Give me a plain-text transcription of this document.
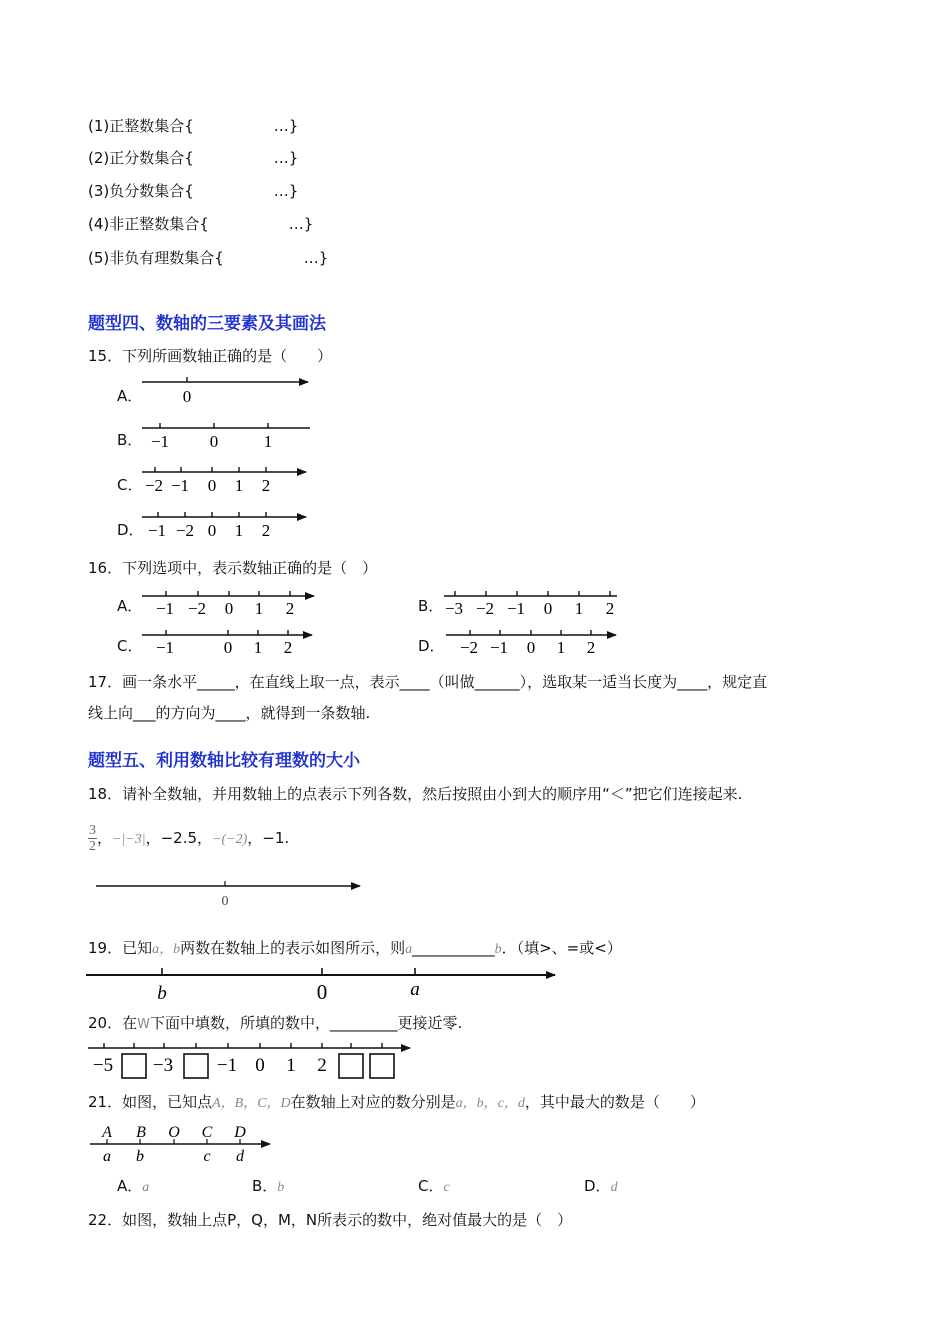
(1)正整数集合{	…}
(2)正分数集合{	…}
(3)负分数集合{	…}
(4)非正整数集合{	…}
(5)非负有理数集合{	…}
题型四、数轴的三要素及其画法
15．下列所画数轴正确的是（　　）
A．
B．
C．
D．
0
−1 0	1
−2 −1 0 1 2
−1 −2 0 1 2
−1 −2 0 1 2	−3 −2 −1 0 1 2
−1	0 1 2	−2 −1 0 1 2
0
b	0	a
−5 −3 −1 0 1 2
A B O C D
a b	c d
16．下列选项中，表示数轴正确的是（　）
A．	B．
C．	D．
17．画一条水平_____，在直线上取一点，表示____（叫做______），选取某一适当长度为____，规定直
线上向___的方向为____，就得到一条数轴.
题型五、利用数轴比较有理数的大小
18．请补全数轴，并用数轴上的点表示下列各数，然后按照由小到大的顺序用“＜”把它们连接起来.
$\frac{3}{2}$ ，−|−3|，−2.5，−(−2)，−1.
19．已知a，b两数在数轴上的表示如图所示，则a___________b．（填>、=或<）
20．在W下面中填数，所填的数中，_________更接近零.
21．如图，已知点A，B，C，D在数轴上对应的数分别是a，b，c，d，其中最大的数是（　　）
A．a	B．b	C．c	D．d
22．如图，数轴上点P，Q，M，N所表示的数中，绝对值最大的是（　）
